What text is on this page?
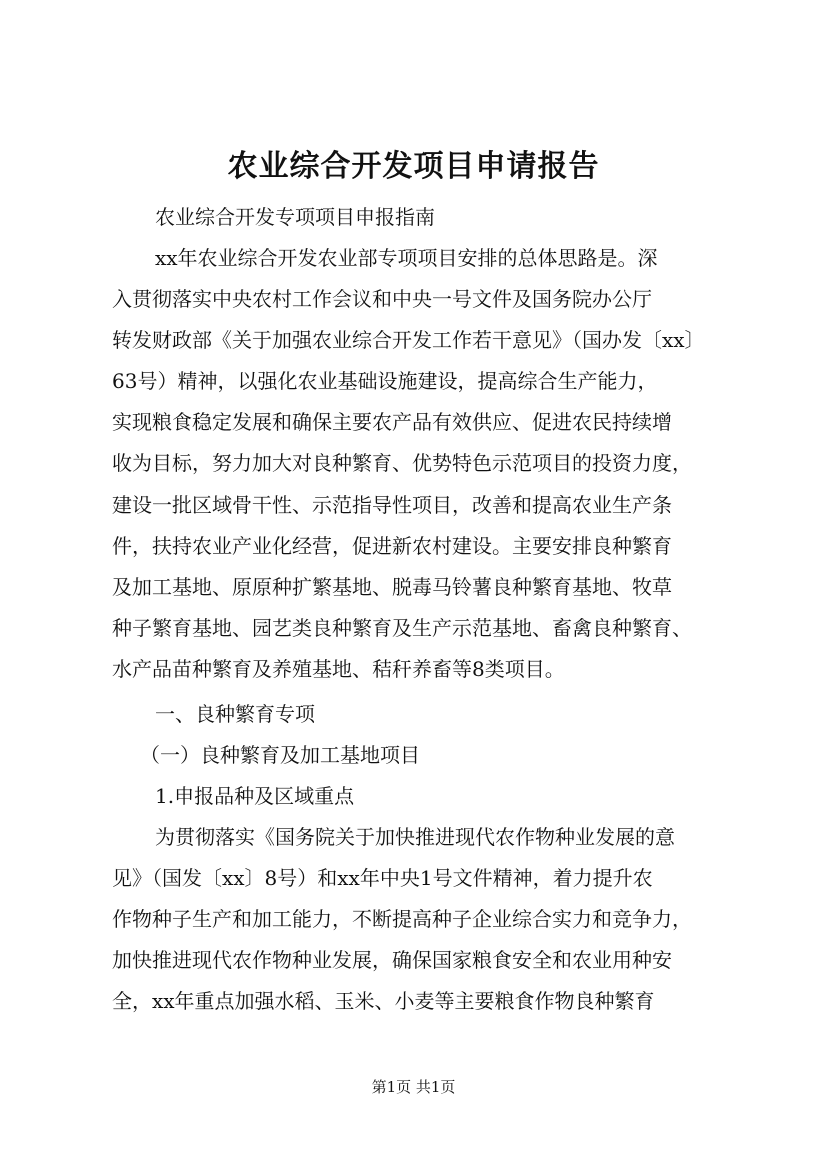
农业综合开发项目申请报告
农业综合开发专项项目申报指南
xx年农业综合开发农业部专项项目安排的总体思路是。深
入贯彻落实中央农村工作会议和中央一号文件及国务院办公厅
转发财政部《关于加强农业综合开发工作若干意见》（国办发〔xx〕
63号）精神，以强化农业基础设施建设，提高综合生产能力，
实现粮食稳定发展和确保主要农产品有效供应、促进农民持续增
收为目标，努力加大对良种繁育、优势特色示范项目的投资力度，
建设一批区域骨干性、示范指导性项目，改善和提高农业生产条
件，扶持农业产业化经营，促进新农村建设。主要安排良种繁育
及加工基地、原原种扩繁基地、脱毒马铃薯良种繁育基地、牧草
种子繁育基地、园艺类良种繁育及生产示范基地、畜禽良种繁育、
水产品苗种繁育及养殖基地、秸秆养畜等8类项目。
一、良种繁育专项
（一）良种繁育及加工基地项目
1.申报品种及区域重点
为贯彻落实《国务院关于加快推进现代农作物种业发展的意
见》（国发〔xx〕8号）和xx年中央1号文件精神，着力提升农
作物种子生产和加工能力，不断提高种子企业综合实力和竞争力，
加快推进现代农作物种业发展，确保国家粮食安全和农业用种安
全，xx年重点加强水稻、玉米、小麦等主要粮食作物良种繁育
第1页 共1页
